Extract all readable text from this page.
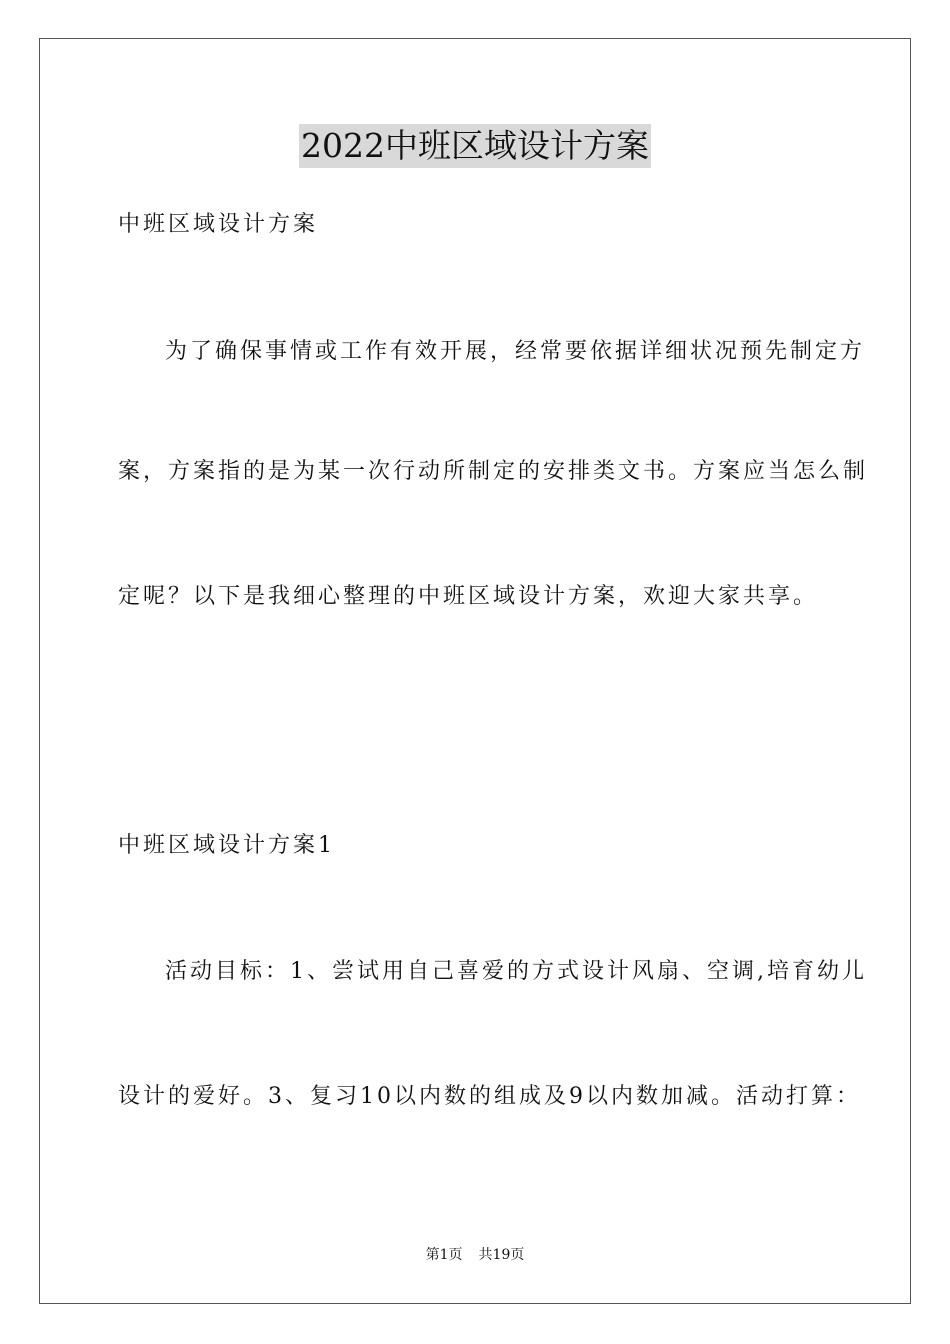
2022中班区域设计方案
中班区域设计方案
为了确保事情或工作有效开展，经常要依据详细状况预先制定方
案，方案指的是为某一次行动所制定的安排类文书。方案应当怎么制
定呢？以下是我细心整理的中班区域设计方案，欢迎大家共享。
中班区域设计方案1
活动目标：1、尝试用自己喜爱的方式设计风扇、空调,培育幼儿
设计的爱好。3、复习10以内数的组成及9以内数加减。活动打算：
第1页 共19页
